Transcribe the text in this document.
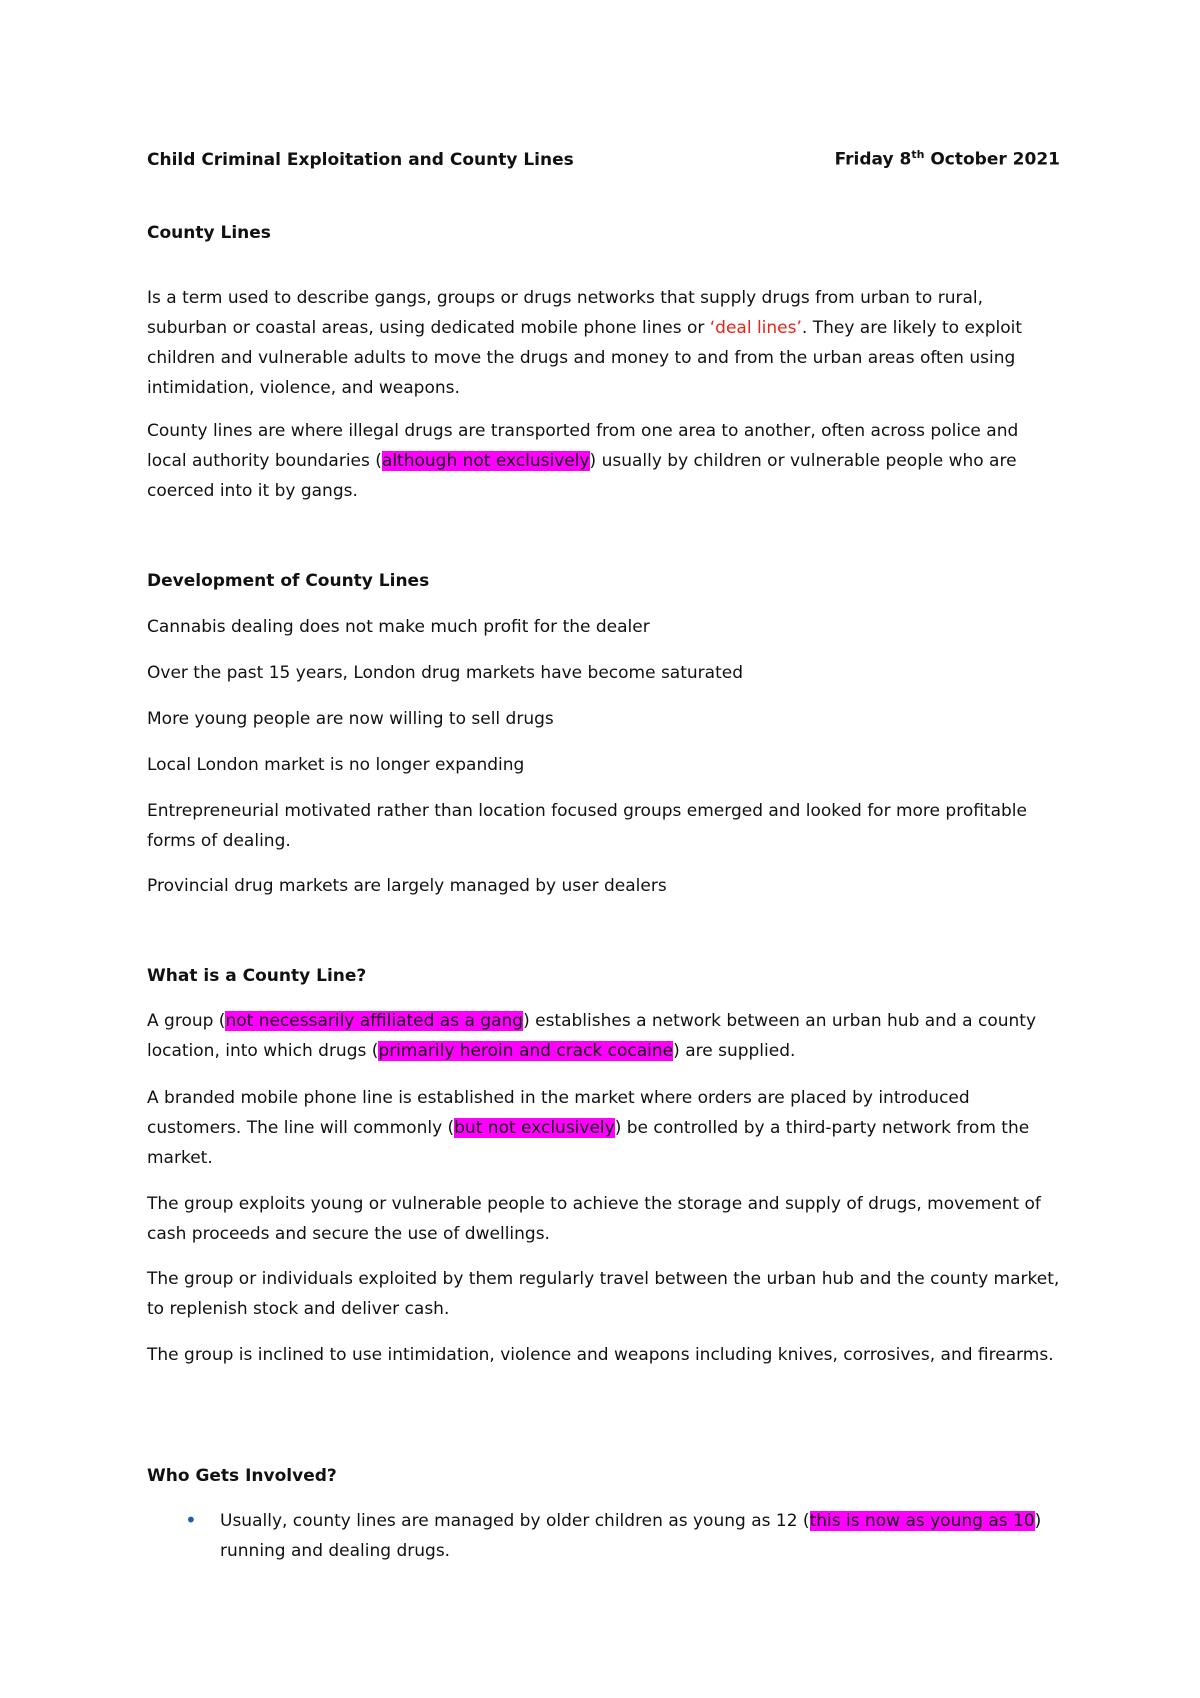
Child Criminal Exploitation and County Lines	Friday 8th October 2021

County Lines

Is a term used to describe gangs, groups or drugs networks that supply drugs from urban to rural, suburban or coastal areas, using dedicated mobile phone lines or ‘deal lines’. They are likely to exploit children and vulnerable adults to move the drugs and money to and from the urban areas often using intimidation, violence, and weapons.

County lines are where illegal drugs are transported from one area to another, often across police and local authority boundaries (although not exclusively) usually by children or vulnerable people who are coerced into it by gangs.

Development of County Lines

Cannabis dealing does not make much profit for the dealer

Over the past 15 years, London drug markets have become saturated

More young people are now willing to sell drugs

Local London market is no longer expanding

Entrepreneurial motivated rather than location focused groups emerged and looked for more profitable forms of dealing.

Provincial drug markets are largely managed by user dealers

What is a County Line?

A group (not necessarily affiliated as a gang) establishes a network between an urban hub and a county location, into which drugs (primarily heroin and crack cocaine) are supplied.

A branded mobile phone line is established in the market where orders are placed by introduced customers. The line will commonly (but not exclusively) be controlled by a third-party network from the market.

The group exploits young or vulnerable people to achieve the storage and supply of drugs, movement of cash proceeds and secure the use of dwellings.

The group or individuals exploited by them regularly travel between the urban hub and the county market, to replenish stock and deliver cash.

The group is inclined to use intimidation, violence and weapons including knives, corrosives, and firearms.

Who Gets Involved?

•	Usually, county lines are managed by older children as young as 12 (this is now as young as 10) running and dealing drugs.
